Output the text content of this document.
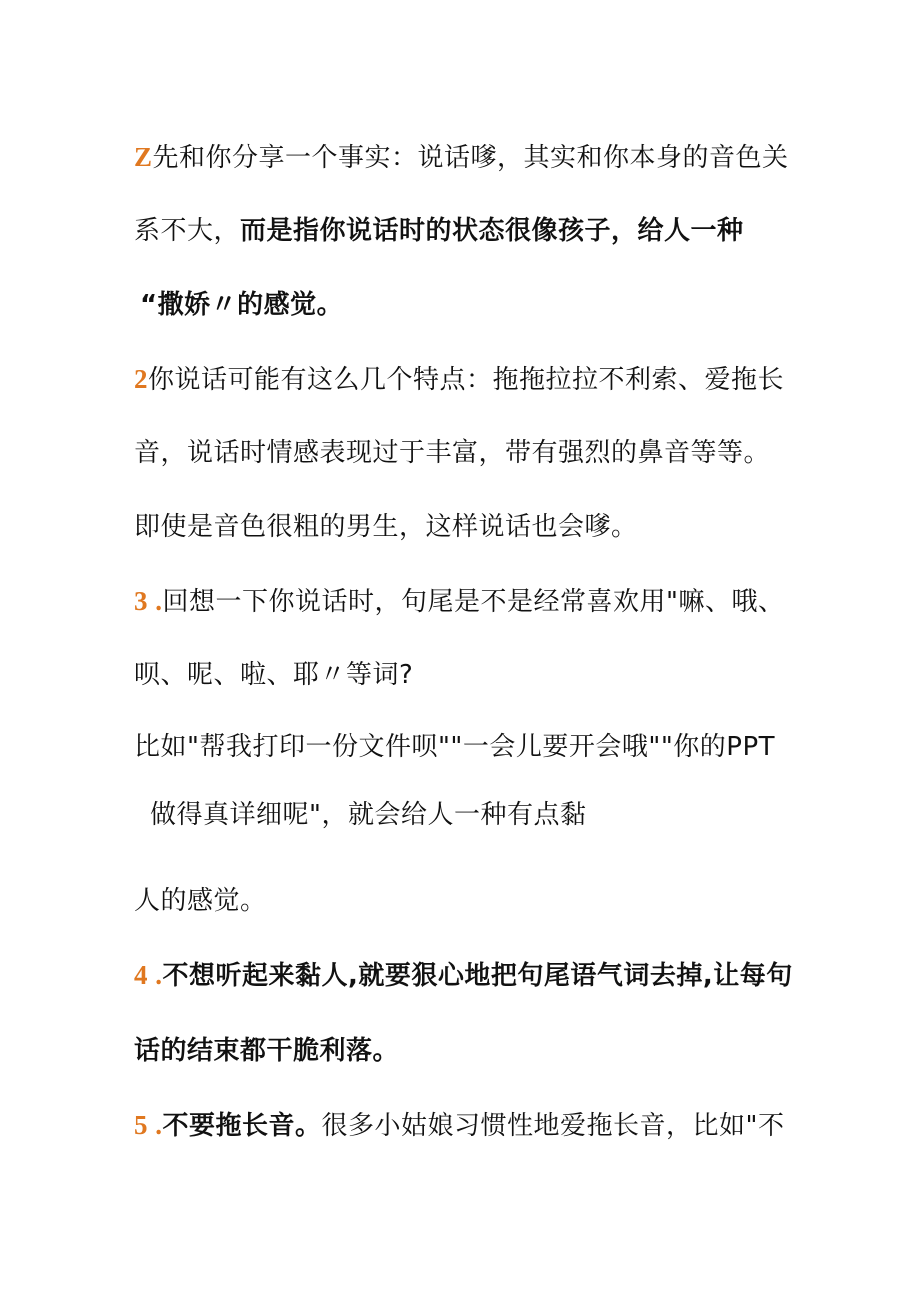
Z先和你分享一个事实：说话嗲，其实和你本身的音色关
系不大，而是指你说话时的状态很像孩子，给人一种
“撒娇〃的感觉。
2你说话可能有这么几个特点：拖拖拉拉不利索、爱拖长
音，说话时情感表现过于丰富，带有强烈的鼻音等等。
即使是音色很粗的男生，这样说话也会嗲。
3 .回想一下你说话时，句尾是不是经常喜欢用"嘛、哦、
呗、呢、啦、耶〃等词?
比如"帮我打印一份文件呗""一会儿要开会哦""你的PPT
做得真详细呢"，就会给人一种有点黏
人的感觉。
4 .不想听起来黏人,就要狠心地把句尾语气词去掉,让每句
话的结束都干脆利落。
5 .不要拖长音。很多小姑娘习惯性地爱拖长音，比如"不
